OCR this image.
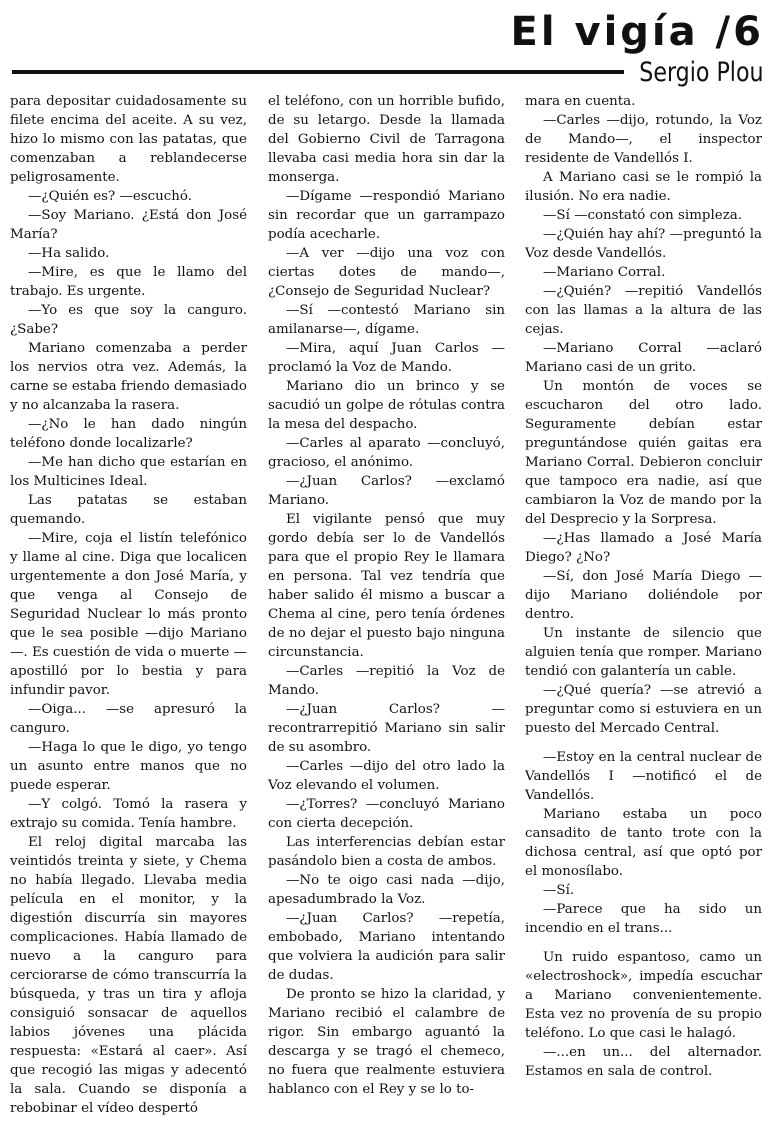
El vigía /6
Sergio Plou

para depositar cuidadosamente su filete encima del aceite. A su vez, hizo lo mismo con las patatas, que comenzaban a reblandecerse peligrosamente.

—¿Quién es? —escuchó.

—Soy Mariano. ¿Está don José María?

—Ha salido.

—Mire, es que le llamo del trabajo. Es urgente.

—Yo es que soy la canguro. ¿Sabe?

Mariano comenzaba a perder los nervios otra vez. Además, la carne se estaba friendo demasiado y no alcanzaba la rasera.

—¿No le han dado ningún teléfono donde localizarle?

—Me han dicho que estarían en los Multicines Ideal.

Las patatas se estaban quemando.

—Mire, coja el listín telefónico y llame al cine. Diga que localicen urgentemente a don José María, y que venga al Consejo de Seguridad Nuclear lo más pronto que le sea posible —dijo Mariano—. Es cuestión de vida o muerte —apostilló por lo bestia y para infundir pavor.

—Oiga... —se apresuró la canguro.

—Haga lo que le digo, yo tengo un asunto entre manos que no puede esperar.

—Y colgó. Tomó la rasera y extrajo su comida. Tenía hambre.

El reloj digital marcaba las veintidós treinta y siete, y Chema no había llegado. Llevaba media película en el monitor, y la digestión discurría sin mayores complicaciones. Había llamado de nuevo a la canguro para cerciorarse de cómo transcurría la búsqueda, y tras un tira y afloja consiguió sonsacar de aquellos labios jóvenes una plácida respuesta: «Estará al caer». Así que recogió las migas y adecentó la sala. Cuando se disponía a rebobinar el vídeo despertó

el teléfono, con un horrible bufido, de su letargo. Desde la llamada del Gobierno Civil de Tarragona llevaba casi media hora sin dar la monserga.

—Dígame —respondió Mariano sin recordar que un garrampazo podía acecharle.

—A ver —dijo una voz con ciertas dotes de mando—, ¿Consejo de Seguridad Nuclear?

—Sí —contestó Mariano sin amilanarse—, dígame.

—Mira, aquí Juan Carlos —proclamó la Voz de Mando.

Mariano dio un brinco y se sacudió un golpe de rótulas contra la mesa del despacho.

—Carles al aparato —concluyó, gracioso, el anónimo.

—¿Juan Carlos? —exclamó Mariano.

El vigilante pensó que muy gordo debía ser lo de Vandellós para que el propio Rey le llamara en persona. Tal vez tendría que haber salido él mismo a buscar a Chema al cine, pero tenía órdenes de no dejar el puesto bajo ninguna circunstancia.

—Carles —repitió la Voz de Mando.

—¿Juan Carlos? —recontrarrepitió Mariano sin salir de su asombro.

—Carles —dijo del otro lado la Voz elevando el volumen.

—¿Torres? —concluyó Mariano con cierta decepción.

Las interferencias debían estar pasándolo bien a costa de ambos.

—No te oigo casi nada —dijo, apesadumbrado la Voz.

—¿Juan Carlos? —repetía, embobado, Mariano intentando que volviera la audición para salir de dudas.

De pronto se hizo la claridad, y Mariano recibió el calambre de rigor. Sin embargo aguantó la descarga y se tragó el chemeco, no fuera que realmente estuviera hablanco con el Rey y se lo to-

mara en cuenta.

—Carles —dijo, rotundo, la Voz de Mando—, el inspector residente de Vandellós I.

A Mariano casi se le rompió la ilusión. No era nadie.

—Sí —constató con simpleza.

—¿Quién hay ahí? —preguntó la Voz desde Vandellós.

—Mariano Corral.

—¿Quién? —repitió Vandellós con las llamas a la altura de las cejas.

—Mariano Corral —aclaró Mariano casi de un grito.

Un montón de voces se escucharon del otro lado. Seguramente debían estar preguntándose quién gaitas era Mariano Corral. Debieron concluir que tampoco era nadie, así que cambiaron la Voz de mando por la del Desprecio y la Sorpresa.

—¿Has llamado a José María Diego? ¿No?

—Sí, don José María Diego —dijo Mariano doliéndole por dentro.

Un instante de silencio que alguien tenía que romper. Mariano tendió con galantería un cable.

—¿Qué quería? —se atrevió a preguntar como si estuviera en un puesto del Mercado Central.

—Estoy en la central nuclear de Vandellós I —notificó el de Vandellós.

Mariano estaba un poco cansadito de tanto trote con la dichosa central, así que optó por el monosílabo.

—Sí.

—Parece que ha sido un incendio en el trans...

Un ruido espantoso, camo un «electroshock», impedía escuchar a Mariano convenientemente. Esta vez no provenía de su propio teléfono. Lo que casi le halagó.

—...en un... del alternador. Estamos en sala de control.
